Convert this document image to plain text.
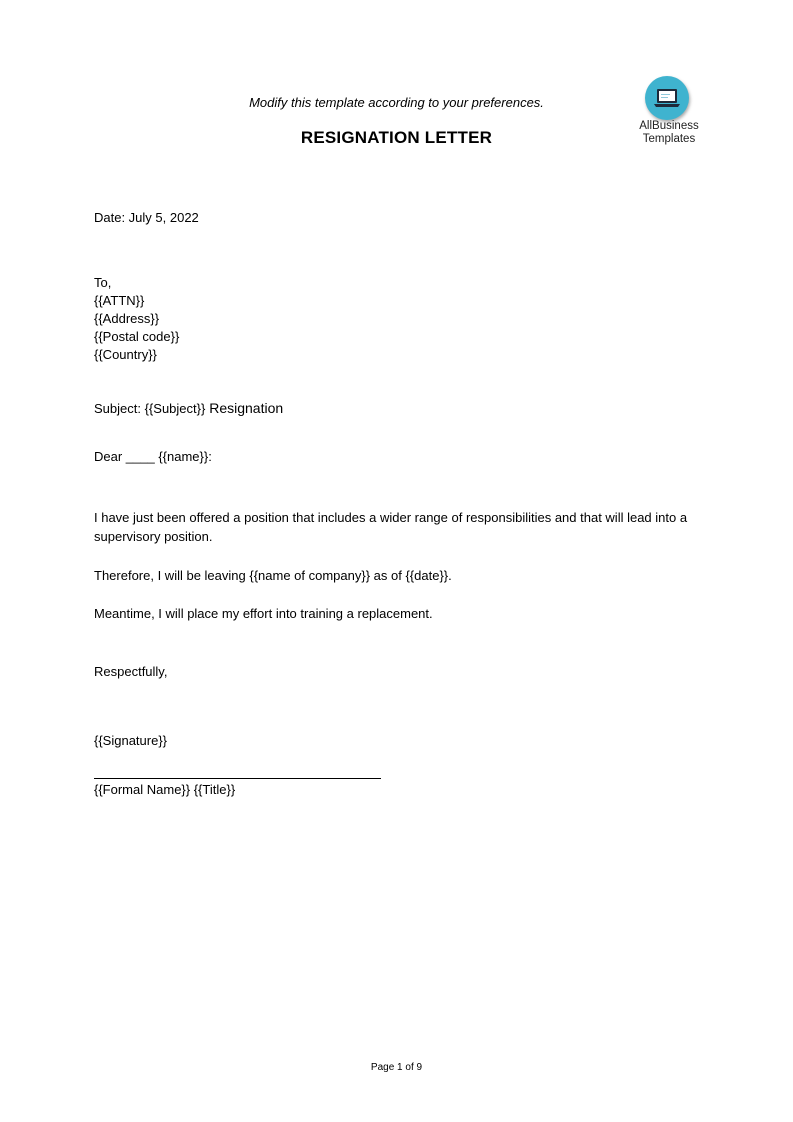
Modify this template according to your preferences.
RESIGNATION LETTER
AllBusiness
Templates
Date: July 5, 2022
To,
{{ATTN}}
{{Address}}
{{Postal code}}
{{Country}}
Subject: {{Subject}} Resignation
Dear ____ {{name}}:
I have just been offered a position that includes a wider range of responsibilities and that will lead into a supervisory position.
Therefore, I will be leaving {{name of company}} as of {{date}}.
Meantime, I will place my effort into training a replacement.
Respectfully,
{{Signature}}
{{Formal Name}} {{Title}}
Page 1 of 9
